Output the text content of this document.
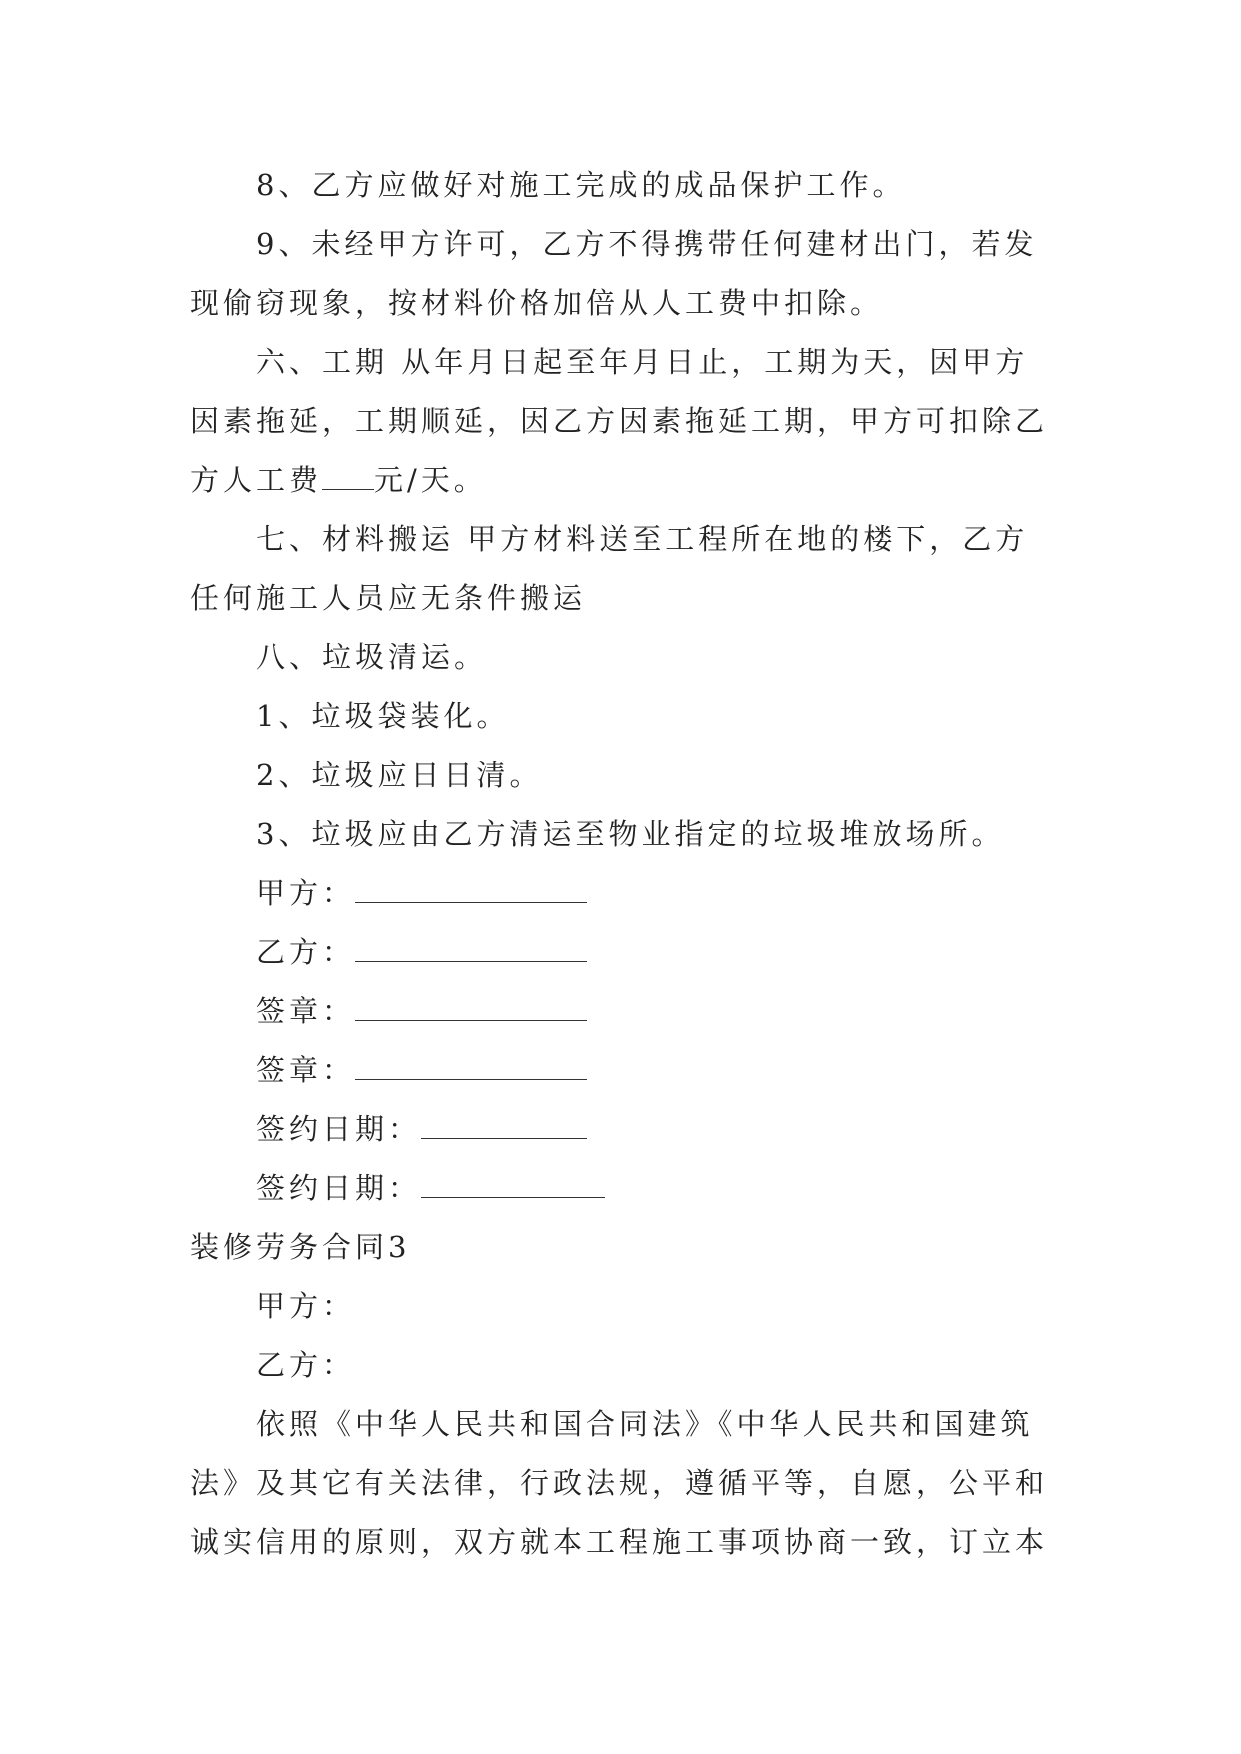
8、乙方应做好对施工完成的成品保护工作。
9、未经甲方许可，乙方不得携带任何建材出门，若发
现偷窃现象，按材料价格加倍从人工费中扣除。
六、工期 从年月日起至年月日止，工期为天，因甲方
因素拖延，工期顺延，因乙方因素拖延工期，甲方可扣除乙
方人工费 元/天。
七、材料搬运 甲方材料送至工程所在地的楼下，乙方
任何施工人员应无条件搬运
八、垃圾清运。
1、垃圾袋装化。
2、垃圾应日日清。
3、垃圾应由乙方清运至物业指定的垃圾堆放场所。
甲方：
乙方：
签章：
签章：
签约日期：
签约日期：
装修劳务合同3
甲方：
乙方：
依照《中华人民共和国合同法》《中华人民共和国建筑
法》及其它有关法律，行政法规，遵循平等，自愿，公平和
诚实信用的原则，双方就本工程施工事项协商一致，订立本
